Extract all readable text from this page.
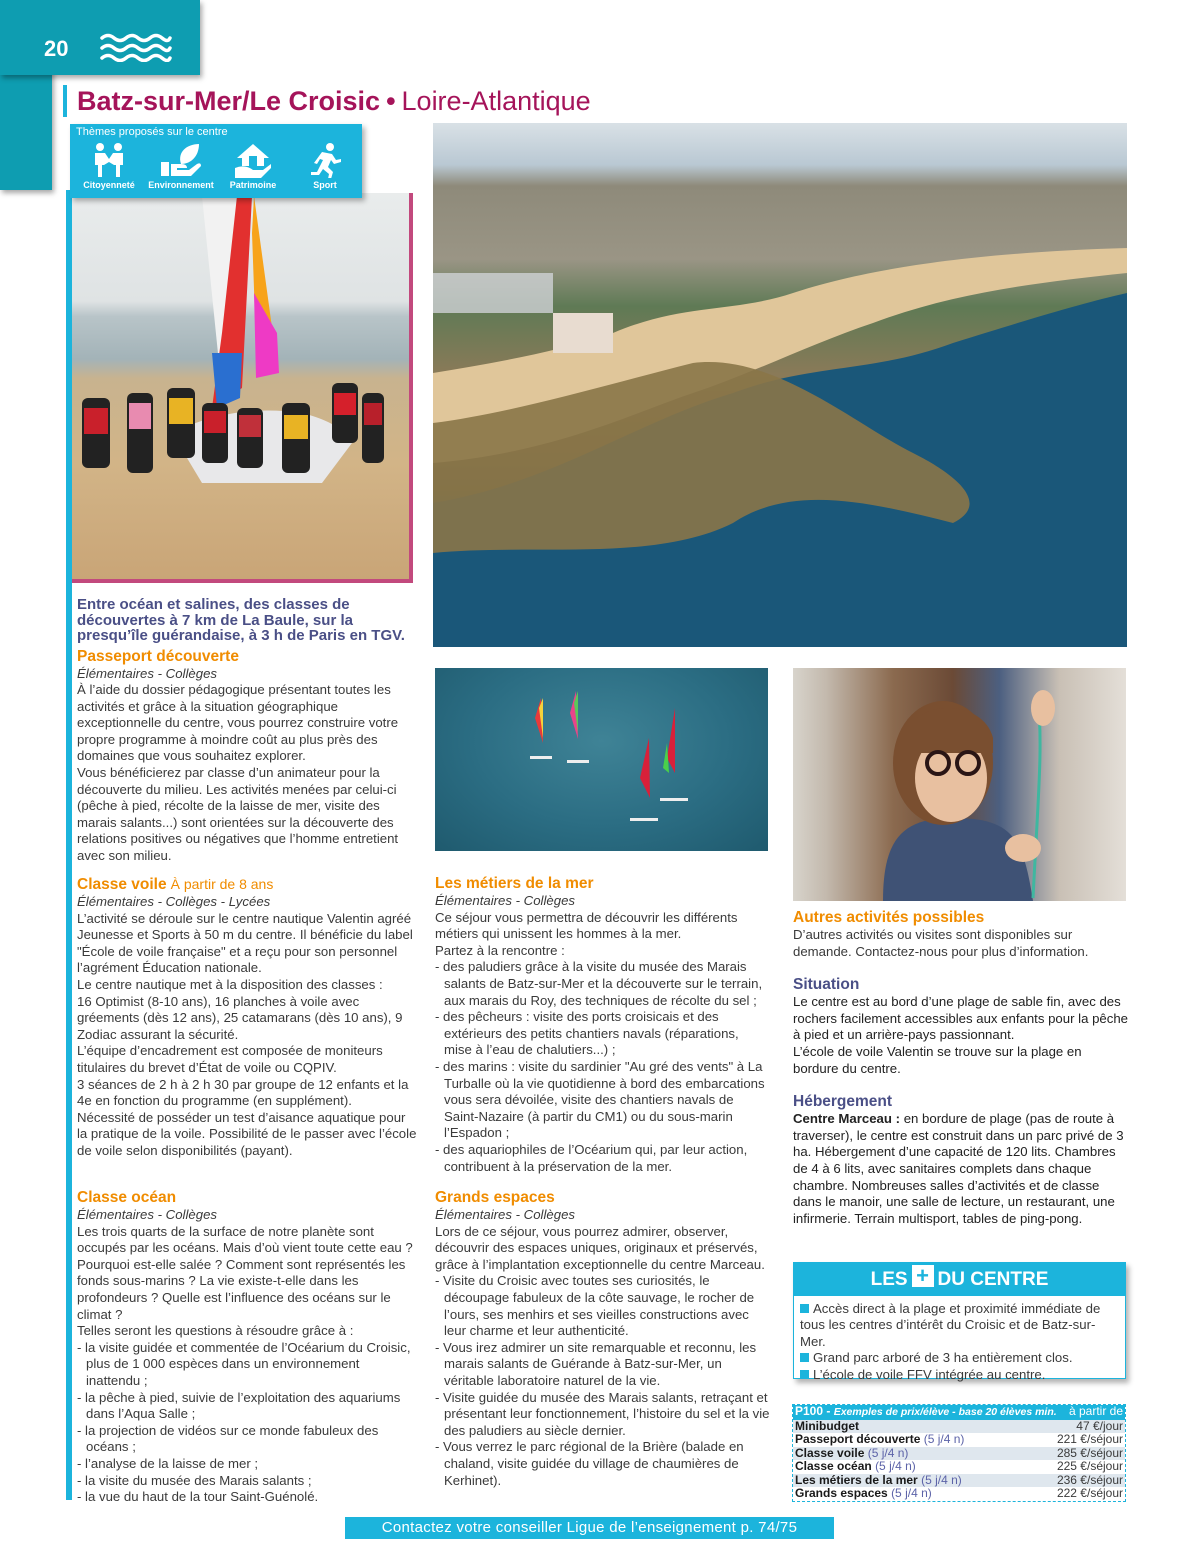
20
Batz-sur-Mer/Le Croisic • Loire-Atlantique
Thèmes proposés sur le centre
Citoyenneté	Environnement	Patrimoine	Sport
Entre océan et salines, des classes de découvertes à 7 km de La Baule, sur la presqu’île guérandaise, à 3 h de Paris en TGV.
Passeport découverte
Élémentaires - Collèges
À l’aide du dossier pédagogique présentant toutes les activités et grâce à la situation géographique exceptionnelle du centre, vous pourrez construire votre propre programme à moindre coût au plus près des domaines que vous souhaitez explorer.
Vous bénéficierez par classe d’un animateur pour la découverte du milieu. Les activités menées par celui-ci (pêche à pied, récolte de la laisse de mer, visite des marais salants...) sont orientées sur la découverte des relations positives ou négatives que l’homme entretient avec son milieu.
Classe voile À partir de 8 ans
Élémentaires - Collèges - Lycées
L’activité se déroule sur le centre nautique Valentin agréé Jeunesse et Sports à 50 m du centre. Il bénéficie du label "École de voile française" et a reçu pour son personnel l’agrément Éducation nationale.
Le centre nautique met à la disposition des classes :
16 Optimist (8-10 ans), 16 planches à voile avec gréements (dès 12 ans), 25 catamarans (dès 10 ans), 9 Zodiac assurant la sécurité.
L’équipe d’encadrement est composée de moniteurs titulaires du brevet d’État de voile ou CQPIV.
3 séances de 2 h à 2 h 30 par groupe de 12 enfants et la 4e en fonction du programme (en supplément).
Nécessité de posséder un test d’aisance aquatique pour la pratique de la voile. Possibilité de le passer avec l’école de voile selon disponibilités (payant).
Classe océan
Élémentaires - Collèges
Les trois quarts de la surface de notre planète sont occupés par les océans. Mais d’où vient toute cette eau ? Pourquoi est-elle salée ? Comment sont représentés les fonds sous-marins ? La vie existe-t-elle dans les profondeurs ? Quelle est l’influence des océans sur le climat ?
Telles seront les questions à résoudre grâce à :
- la visite guidée et commentée de l’Océarium du Croisic, plus de 1 000 espèces dans un environnement inattendu ;
- la pêche à pied, suivie de l’exploitation des aquariums dans l’Aqua Salle ;
- la projection de vidéos sur ce monde fabuleux des océans ;
- l’analyse de la laisse de mer ;
- la visite du musée des Marais salants ;
- la vue du haut de la tour Saint-Guénolé.
Les métiers de la mer
Élémentaires - Collèges
Ce séjour vous permettra de découvrir les différents métiers qui unissent les hommes à la mer.
Partez à la rencontre :
- des paludiers grâce à la visite du musée des Marais salants de Batz-sur-Mer et la découverte sur le terrain, aux marais du Roy, des techniques de récolte du sel ;
- des pêcheurs : visite des ports croisicais et des extérieurs des petits chantiers navals (réparations, mise à l’eau de chalutiers...) ;
- des marins : visite du sardinier "Au gré des vents" à La Turballe où la vie quotidienne à bord des embarcations vous sera dévoilée, visite des chantiers navals de Saint-Nazaire (à partir du CM1) ou du sous-marin l’Espadon ;
- des aquariophiles de l’Océarium qui, par leur action, contribuent à la préservation de la mer.
Grands espaces
Élémentaires - Collèges
Lors de ce séjour, vous pourrez admirer, observer, découvrir des espaces uniques, originaux et préservés, grâce à l’implantation exceptionnelle du centre Marceau.
- Visite du Croisic avec toutes ses curiosités, le découpage fabuleux de la côte sauvage, le rocher de l’ours, ses menhirs et ses vieilles constructions avec leur charme et leur authenticité.
- Vous irez admirer un site remarquable et reconnu, les marais salants de Guérande à Batz-sur-Mer, un véritable laboratoire naturel de la vie.
- Visite guidée du musée des Marais salants, retraçant et présentant leur fonctionnement, l’histoire du sel et la vie des paludiers au siècle dernier.
- Vous verrez le parc régional de la Brière (balade en chaland, visite guidée du village de chaumières de Kerhinet).
Autres activités possibles
D’autres activités ou visites sont disponibles sur demande. Contactez-nous pour plus d’information.
Situation
Le centre est au bord d’une plage de sable fin, avec des rochers facilement accessibles aux enfants pour la pêche à pied et un arrière-pays passionnant.
L’école de voile Valentin se trouve sur la plage en bordure du centre.
Hébergement
Centre Marceau : en bordure de plage (pas de route à traverser), le centre est construit dans un parc privé de 3 ha. Hébergement d’une capacité de 120 lits. Chambres de 4 à 6 lits, avec sanitaires complets dans chaque chambre. Nombreuses salles d’activités et de classe dans le manoir, une salle de lecture, un restaurant, une infirmerie. Terrain multisport, tables de ping-pong.
LES + DU CENTRE
Accès direct à la plage et proximité immédiate de tous les centres d’intérêt du Croisic et de Batz-sur-Mer.
Grand parc arboré de 3 ha entièrement clos.
L’école de voile FFV intégrée au centre.
P100 - Exemples de prix/élève - base 20 élèves min. à partir de
Minibudget	47 €/jour
Passeport découverte (5 j/4 n)	221 €/séjour
Classe voile (5 j/4 n)	285 €/séjour
Classe océan (5 j/4 n)	225 €/séjour
Les métiers de la mer (5 j/4 n)	236 €/séjour
Grands espaces (5 j/4 n)	222 €/séjour
Contactez votre conseiller Ligue de l’enseignement p. 74/75
